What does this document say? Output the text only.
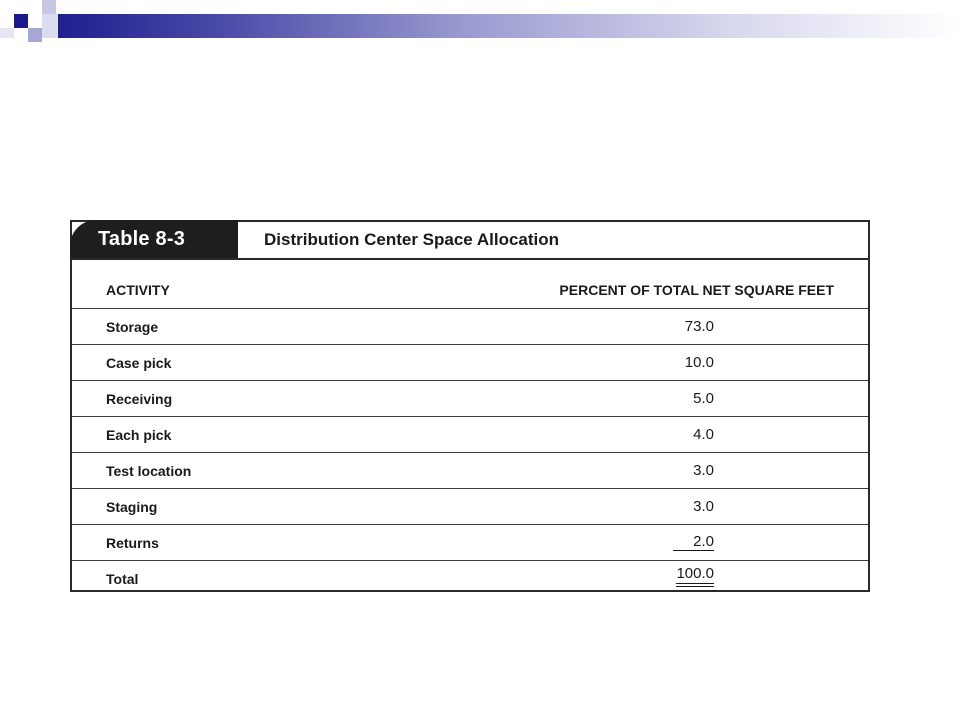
Table 8-3	Distribution Center Space Allocation
ACTIVITY	PERCENT OF TOTAL NET SQUARE FEET
Storage	73.0
Case pick	10.0
Receiving	5.0
Each pick	4.0
Test location	3.0
Staging	3.0
Returns	2.0
Total	100.0
